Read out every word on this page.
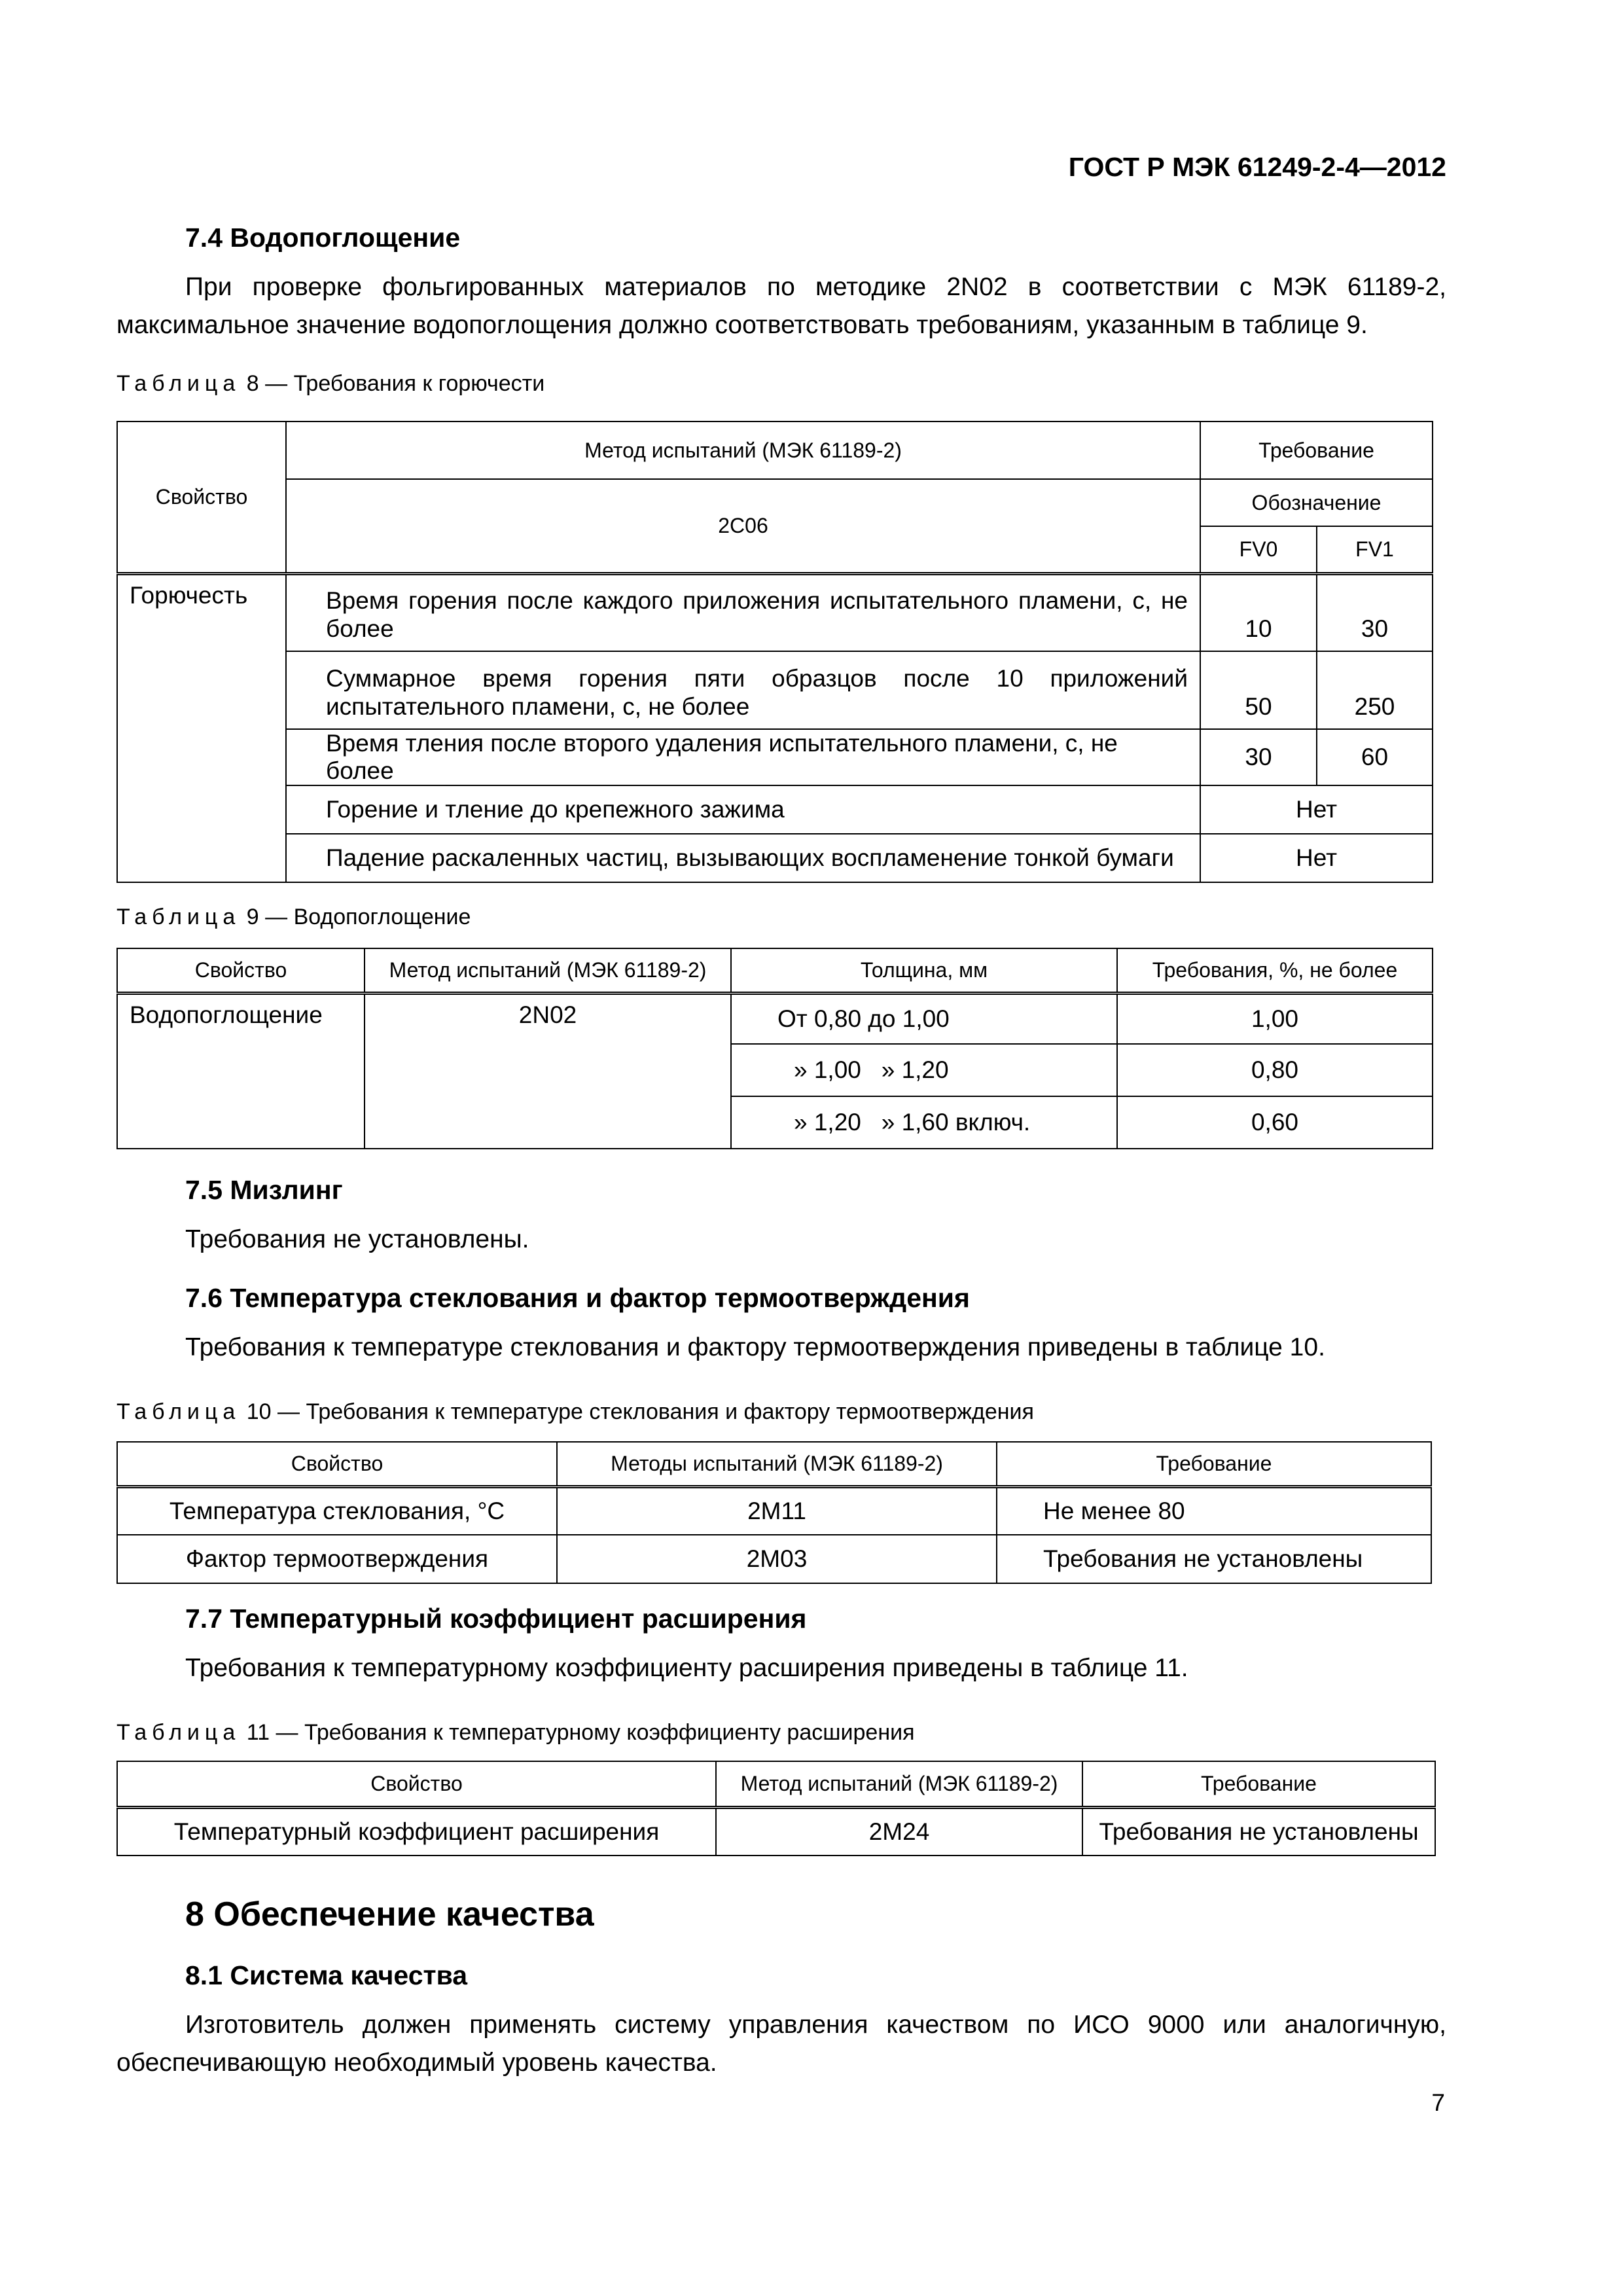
ГОСТ Р МЭК 61249-2-4—2012
7.4 Водопоглощение
При проверке фольгированных материалов по методике 2N02 в соответствии с МЭК 61189-2, максимальное значение водопоглощения должно соответствовать требованиям, указанным в таблице 9.
Таблица 8 — Требования к горючести
Свойство	Метод испытаний (МЭК 61189-2)	Требование	
	2C06	Обозначение	
		FV0	FV1
Горючесть	Время горения после каждого приложения испытательного пламени, с, не более	10	30
	Суммарное время горения пяти образцов после 10 приложений испытательного пламени, с, не более	50	250
	Время тления после второго удаления испытательного пламени, с, не более	30	60
	Горение и тление до крепежного зажима	Нет	
	Падение раскаленных частиц, вызывающих воспламенение тонкой бумаги	Нет	
Таблица 9 — Водопоглощение
Свойство	Метод испытаний (МЭК 61189-2)	Толщина, мм	Требования, %, не более
Водопоглощение	2N02	От 0,80 до 1,00	1,00
		» 1,00   » 1,20	0,80
		» 1,20   » 1,60 включ.	0,60
7.5 Мизлинг
Требования не установлены.
7.6 Температура стеклования и фактор термоотверждения
Требования к температуре стеклования и фактору термоотверждения приведены в таблице 10.
Таблица 10 — Требования к температуре стеклования и фактору термоотверждения
Свойство	Методы испытаний (МЭК 61189-2)	Требование
Температура стеклования, °C	2M11	Не менее 80
Фактор термоотверждения	2M03	Требования не установлены
7.7 Температурный коэффициент расширения
Требования к температурному коэффициенту расширения приведены в таблице 11.
Таблица 11 — Требования к температурному коэффициенту расширения
Свойство	Метод испытаний (МЭК 61189-2)	Требование
Температурный коэффициент расширения	2M24	Требования не установлены
8 Обеспечение качества
8.1 Система качества
Изготовитель должен применять систему управления качеством по ИСО 9000 или аналогичную, обеспечивающую необходимый уровень качества.
7
